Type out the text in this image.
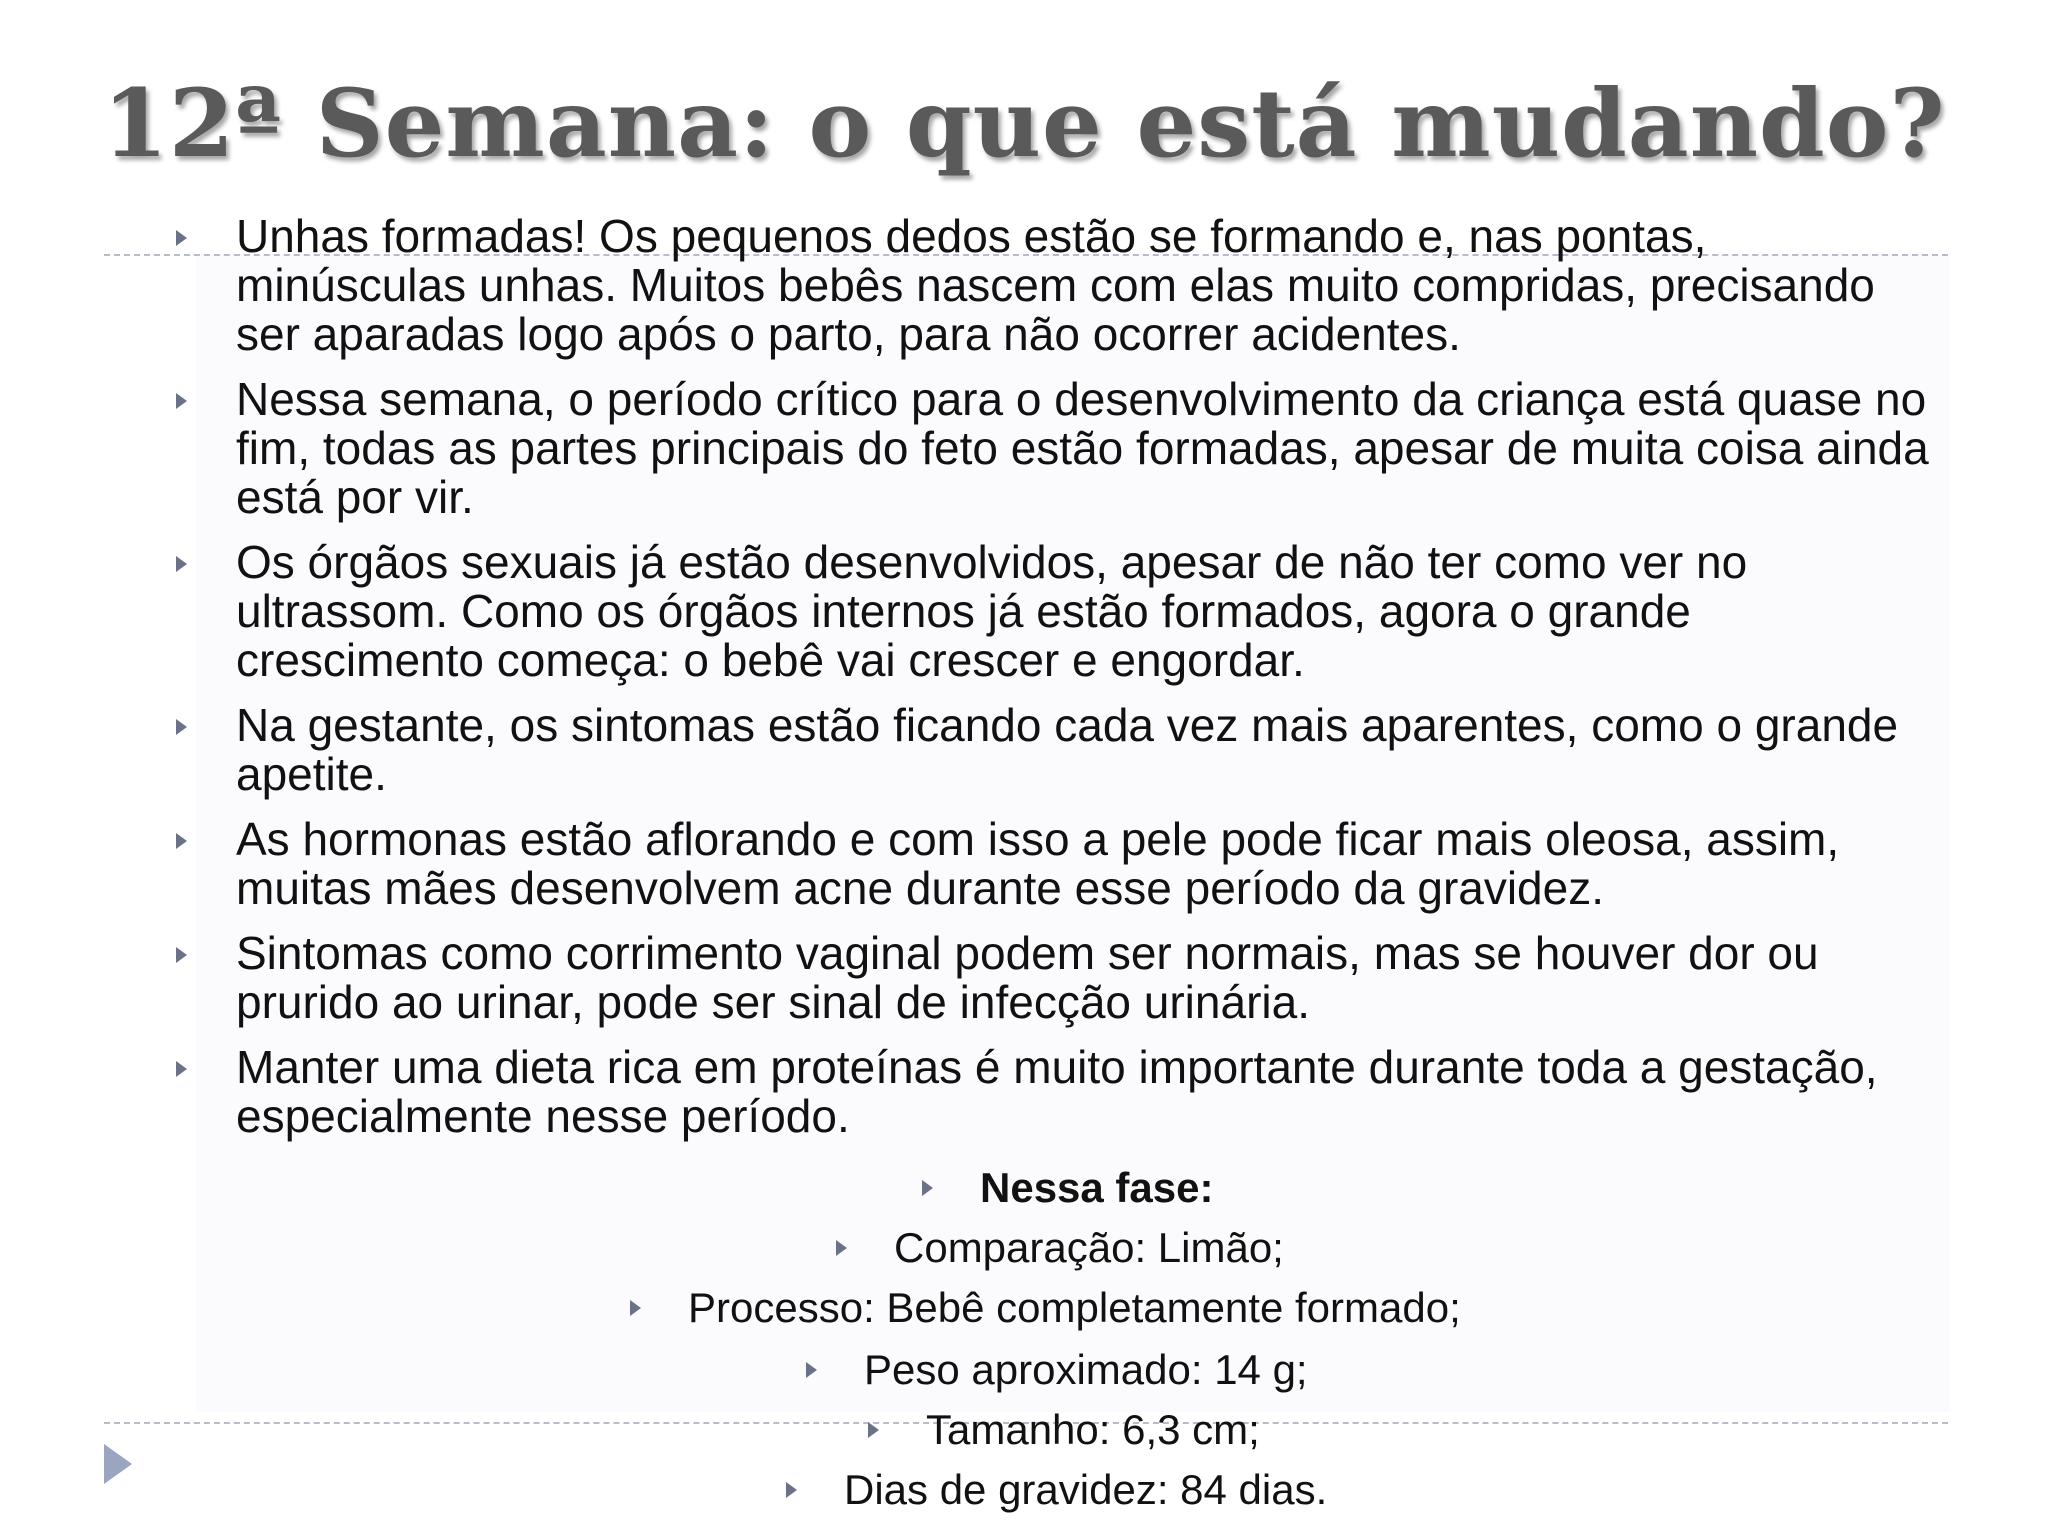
12ª Semana: o que está mudando?
Unhas formadas! Os pequenos dedos estão se formando e, nas pontas, minúsculas unhas. Muitos bebês nascem com elas muito compridas, precisando ser aparadas logo após o parto, para não ocorrer acidentes.
Nessa semana, o período crítico para o desenvolvimento da criança está quase no fim, todas as partes principais do feto estão formadas, apesar de muita coisa ainda está por vir.
Os órgãos sexuais já estão desenvolvidos, apesar de não ter como ver no ultrassom. Como os órgãos internos já estão formados, agora o grande crescimento começa: o bebê vai crescer e engordar.
Na gestante, os sintomas estão ficando cada vez mais aparentes, como o grande apetite.
As hormonas estão aflorando e com isso a pele pode ficar mais oleosa, assim, muitas mães desenvolvem acne durante esse período da gravidez.
Sintomas como corrimento vaginal podem ser normais, mas se houver dor ou prurido ao urinar, pode ser sinal de infecção urinária.
Manter uma dieta rica em proteínas é muito importante durante toda a gestação, especialmente nesse período.
Nessa fase:
Comparação: Limão;
Processo: Bebê completamente formado;
Peso aproximado: 14 g;
Tamanho: 6,3 cm;
Dias de gravidez: 84 dias.
